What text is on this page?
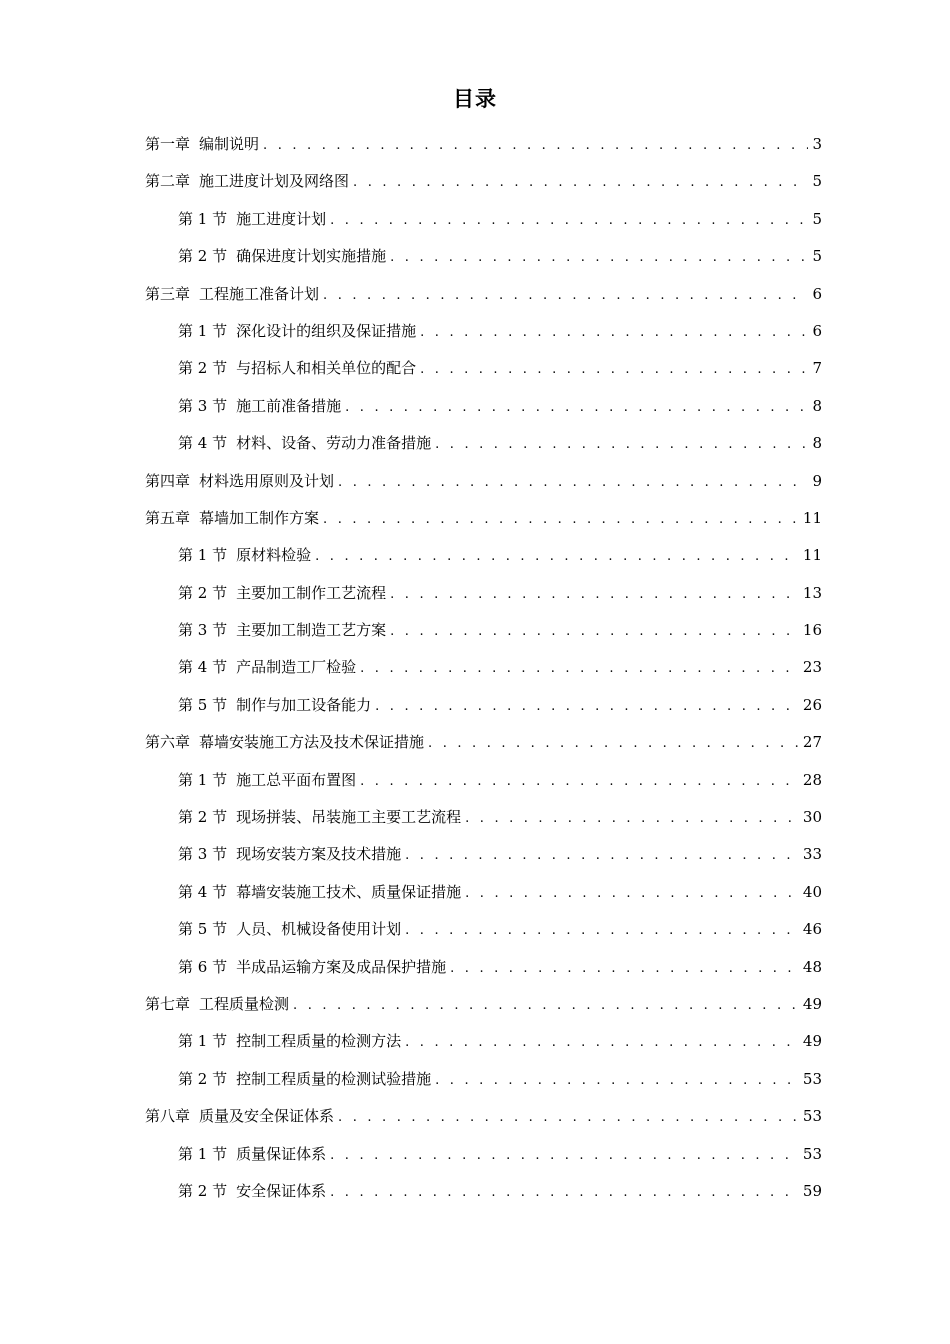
目录
第一章 编制说明 . . .	3
第二章 施工进度计划及网络图 . . .	5
第 1 节 施工进度计划 . . .	5
第 2 节 确保进度计划实施措施 . . .	5
第三章 工程施工准备计划 . . .	6
第 1 节 深化设计的组织及保证措施 . . .	6
第 2 节 与招标人和相关单位的配合 . . .	7
第 3 节 施工前准备措施 . . .	8
第 4 节 材料、设备、劳动力准备措施 . . .	8
第四章 材料选用原则及计划 . . .	9
第五章 幕墙加工制作方案 . . .	11
第 1 节 原材料检验 . . .	11
第 2 节 主要加工制作工艺流程 . . .	13
第 3 节 主要加工制造工艺方案 . . .	16
第 4 节 产品制造工厂检验 . . .	23
第 5 节 制作与加工设备能力 . . .	26
第六章 幕墙安装施工方法及技术保证措施 . . .	27
第 1 节 施工总平面布置图 . . .	28
第 2 节 现场拼装、吊装施工主要工艺流程 . . .	30
第 3 节 现场安装方案及技术措施 . . .	33
第 4 节 幕墙安装施工技术、质量保证措施 . . .	40
第 5 节 人员、机械设备使用计划 . . .	46
第 6 节 半成品运输方案及成品保护措施 . . .	48
第七章 工程质量检测 . . .	49
第 1 节 控制工程质量的检测方法 . . .	49
第 2 节 控制工程质量的检测试验措施 . . .	53
第八章 质量及安全保证体系 . . .	53
第 1 节 质量保证体系 . . .	53
第 2 节 安全保证体系 . . .	59
